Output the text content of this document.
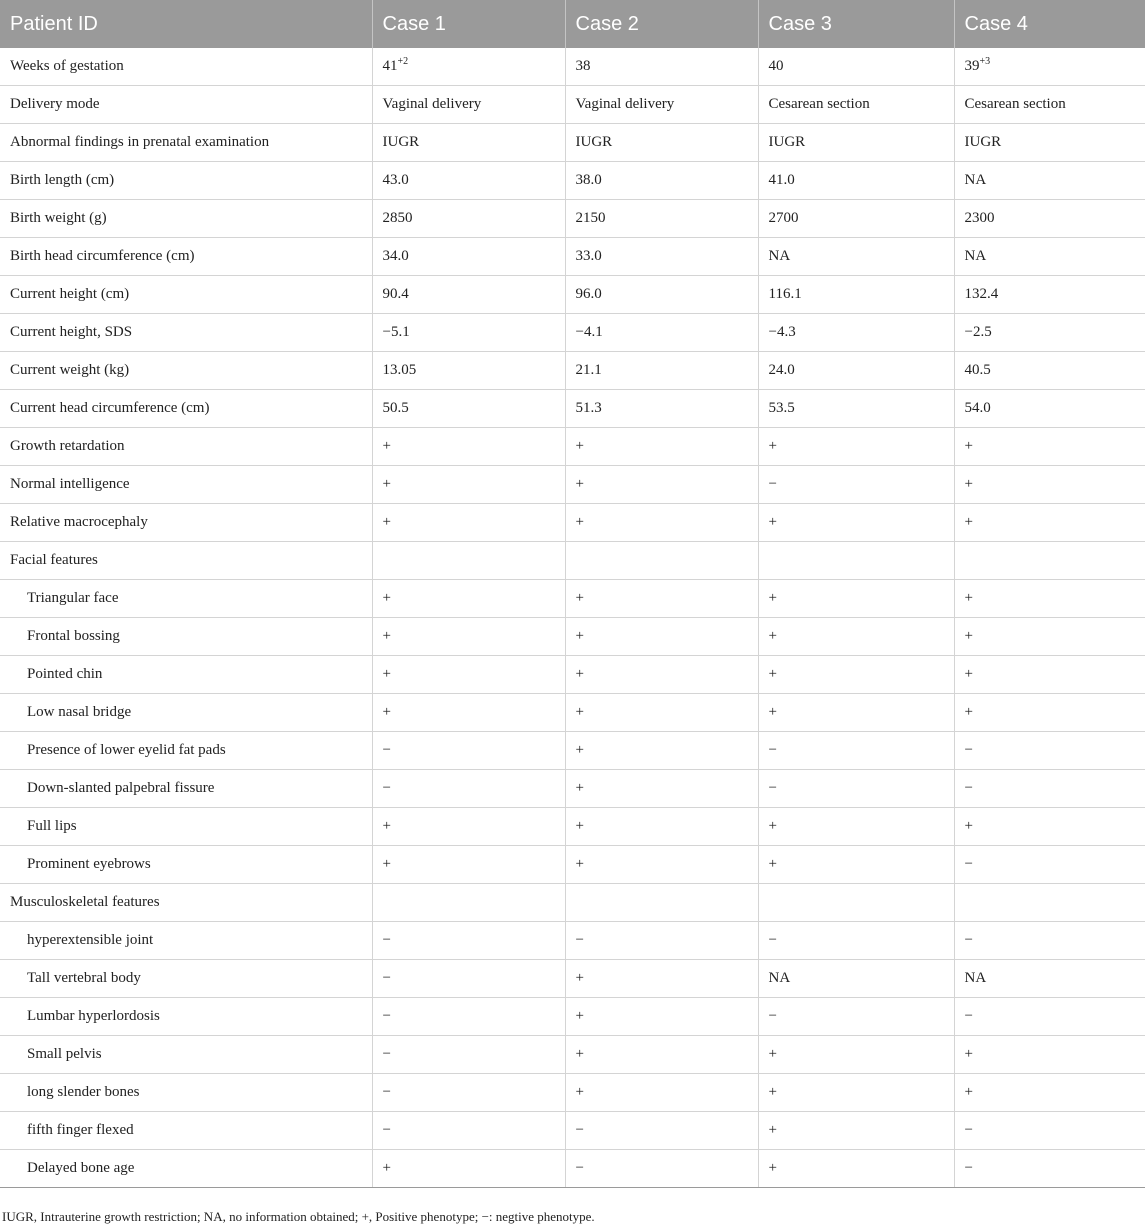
Patient ID	Case 1	Case 2	Case 3	Case 4
Weeks of gestation	$41^{+2}$	38	40	$39^{+3}$
Delivery mode	Vaginal delivery	Vaginal delivery	Cesarean section	Cesarean section
Abnormal findings in prenatal examination	IUGR	IUGR	IUGR	IUGR
Birth length (cm)	43.0	38.0	41.0	NA
Birth weight (g)	2850	2150	2700	2300
Birth head circumference (cm)	34.0	33.0	NA	NA
Current height (cm)	90.4	96.0	116.1	132.4
Current height, SDS	−5.1	−4.1	−4.3	−2.5
Current weight (kg)	13.05	21.1	24.0	40.5
Current head circumference (cm)	50.5	51.3	53.5	54.0
Growth retardation	+	+	+	+
Normal intelligence	+	+	−	+
Relative macrocephaly	+	+	+	+
Facial features				
Triangular face	+	+	+	+
Frontal bossing	+	+	+	+
Pointed chin	+	+	+	+
Low nasal bridge	+	+	+	+
Presence of lower eyelid fat pads	−	+	−	−
Down-slanted palpebral fissure	−	+	−	−
Full lips	+	+	+	+
Prominent eyebrows	+	+	+	−
Musculoskeletal features				
hyperextensible joint	−	−	−	−
Tall vertebral body	−	+	NA	NA
Lumbar hyperlordosis	−	+	−	−
Small pelvis	−	+	+	+
long slender bones	−	+	+	+
fifth finger flexed	−	−	+	−
Delayed bone age	+	−	+	−
IUGR, Intrauterine growth restriction; NA, no information obtained; +, Positive phenotype; −: negtive phenotype.
